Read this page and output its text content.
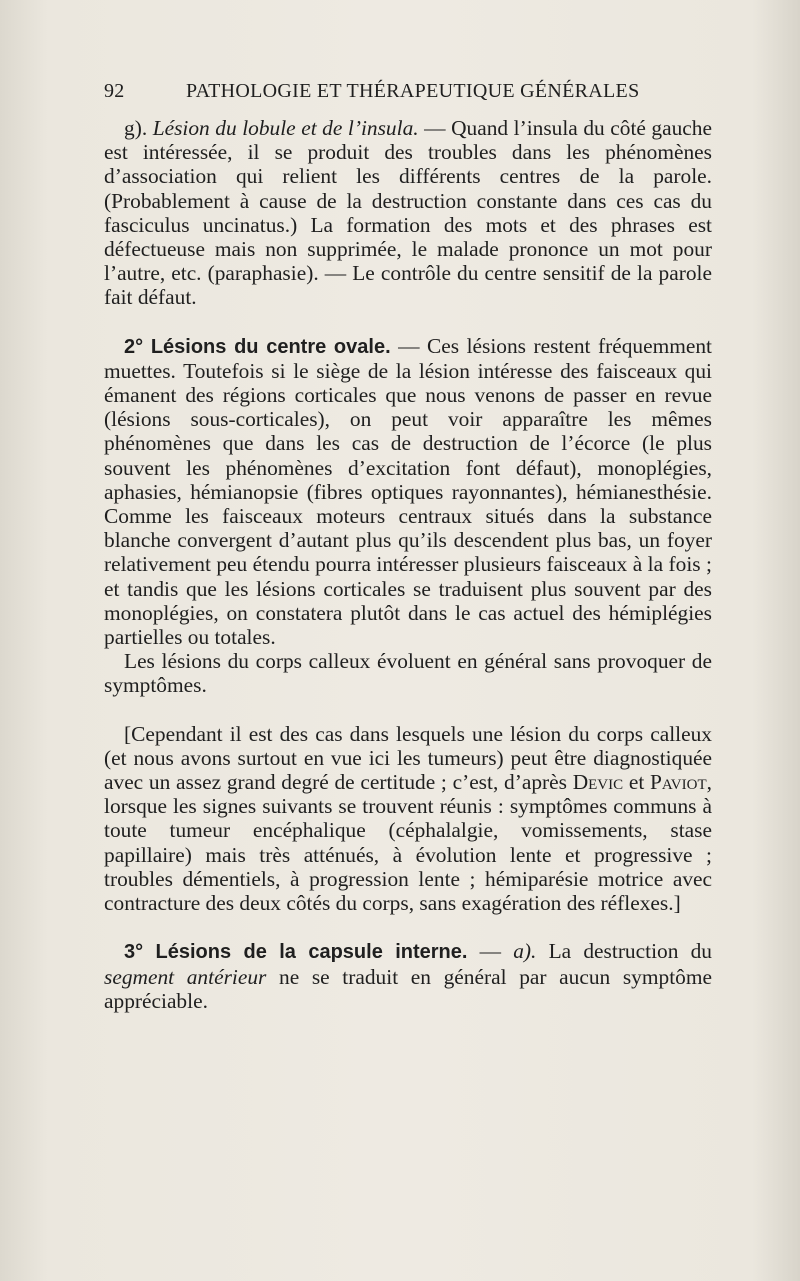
92	PATHOLOGIE ET THÉRAPEUTIQUE GÉNÉRALES

g). Lésion du lobule et de l’insula. — Quand l’insula du côté gauche est intéressée, il se produit des troubles dans les phénomènes d’association qui relient les différents centres de la parole. (Probablement à cause de la destruction constante dans ces cas du fasciculus uncinatus.) La formation des mots et des phrases est défectueuse mais non supprimée, le malade prononce un mot pour l’autre, etc. (paraphasie). — Le contrôle du centre sensitif de la parole fait défaut.

2° Lésions du centre ovale. — Ces lésions restent fréquemment muettes. Toutefois si le siège de la lésion intéresse des faisceaux qui émanent des régions corticales que nous venons de passer en revue (lésions sous-corticales), on peut voir apparaître les mêmes phénomènes que dans les cas de destruction de l’écorce (le plus souvent les phénomènes d’excitation font défaut), monoplégies, aphasies, hémianopsie (fibres optiques rayonnantes), hémianesthésie. Comme les faisceaux moteurs centraux situés dans la substance blanche convergent d’autant plus qu’ils descendent plus bas, un foyer relativement peu étendu pourra intéresser plusieurs faisceaux à la fois ; et tandis que les lésions corticales se traduisent plus souvent par des monoplégies, on constatera plutôt dans le cas actuel des hémiplégies partielles ou totales.

Les lésions du corps calleux évoluent en général sans provoquer de symptômes.

[Cependant il est des cas dans lesquels une lésion du corps calleux (et nous avons surtout en vue ici les tumeurs) peut être diagnostiquée avec un assez grand degré de certitude ; c’est, d’après Devic et Paviot, lorsque les signes suivants se trouvent réunis : symptômes communs à toute tumeur encéphalique (céphalalgie, vomissements, stase papillaire) mais très atténués, à évolution lente et progressive ; troubles démentiels, à progression lente ; hémiparésie motrice avec contracture des deux côtés du corps, sans exagération des réflexes.]

3° Lésions de la capsule interne. — a). La destruction du segment antérieur ne se traduit en général par aucun symptôme appréciable.
